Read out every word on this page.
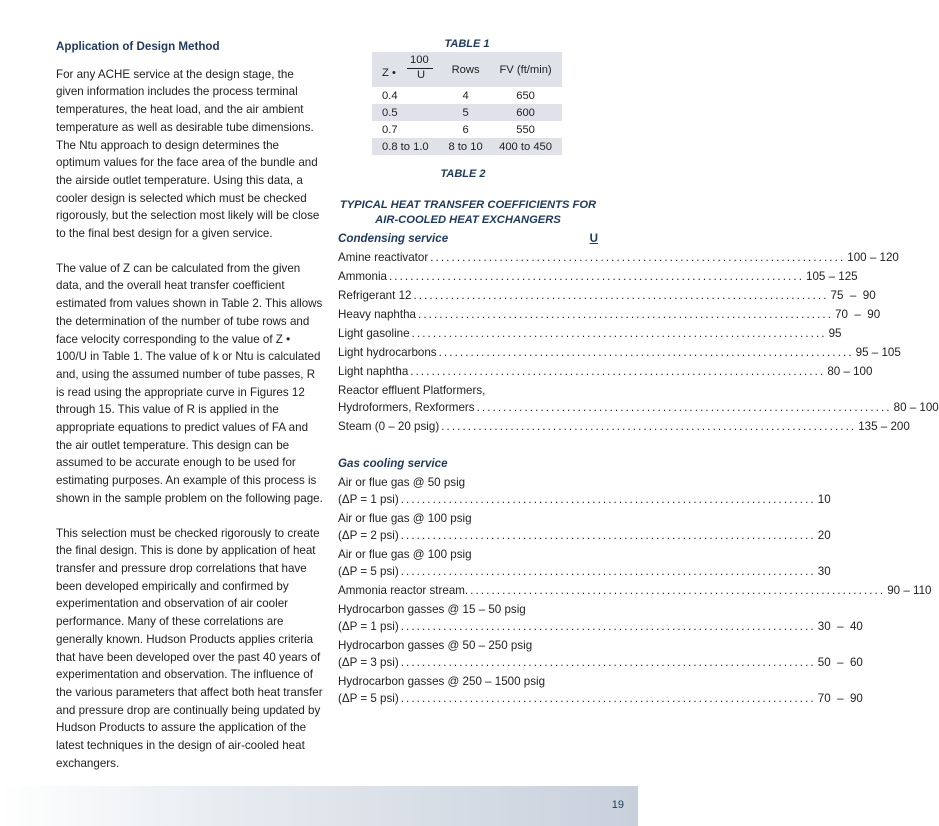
Application of Design Method

For any ACHE service at the design stage, the given information includes the process terminal temperatures, the heat load, and the air ambient temperature as well as desirable tube dimensions. The Ntu approach to design determines the optimum values for the face area of the bundle and the airside outlet temperature. Using this data, a cooler design is selected which must be checked rigorously, but the selection most likely will be close to the final best design for a given service.

The value of Z can be calculated from the given data, and the overall heat transfer coefficient estimated from values shown in Table 2. This allows the determination of the number of tube rows and face velocity corresponding to the value of Z • 100/U in Table 1. The value of k or Ntu is calculated and, using the assumed number of tube passes, R is read using the appropriate curve in Figures 12 through 15. This value of R is applied in the appropriate equations to predict values of FA and the air outlet temperature. This design can be assumed to be accurate enough to be used for estimating purposes. An example of this process is shown in the sample problem on the following page.

This selection must be checked rigorously to create the final design. This is done by application of heat transfer and pressure drop correlations that have been developed empirically and confirmed by experimentation and observation of air cooler performance. Many of these correlations are generally known. Hudson Products applies criteria that have been developed over the past 40 years of experimentation and observation. The influence of the various parameters that affect both heat transfer and pressure drop are continually being updated by Hudson Products to assure the application of the latest techniques in the design of air-cooled heat exchangers.

TABLE 1
Z •
100
U	Rows	FV (ft/min)
0.4	4	650
0.5	5	600
0.7	6	550
0.8 to 1.0	8 to 10	400 to 450
TABLE 2
TYPICAL HEAT TRANSFER COEFFICIENTS FOR AIR-COOLED HEAT EXCHANGERS
Condensing service	U
Amine reactivator .............................................................................. 100 – 120
Ammonia .............................................................................. 105 – 125
Refrigerant 12 .............................................................................. 75  –  90
Heavy naphtha .............................................................................. 70  –  90
Light gasoline .............................................................................. 95
Light hydrocarbons .............................................................................. 95 – 105
Light naphtha .............................................................................. 80 – 100
Reactor effluent Platformers,
Hydroformers, Rexformers .............................................................................. 80 – 100
Steam (0 – 20 psig) .............................................................................. 135 – 200
Gas cooling service
Air or flue gas @ 50 psig
(ΔP = 1 psi) .............................................................................. 10
Air or flue gas @ 100 psig
(ΔP = 2 psi) .............................................................................. 20
Air or flue gas @ 100 psig
(ΔP = 5 psi) .............................................................................. 30
Ammonia reactor stream. .............................................................................. 90 – 110
Hydrocarbon gasses @ 15 – 50 psig
(ΔP = 1 psi) .............................................................................. 30  –  40
Hydrocarbon gasses @ 50 – 250 psig
(ΔP = 3 psi) .............................................................................. 50  –  60
Hydrocarbon gasses @ 250 – 1500 psig
(ΔP = 5 psi) .............................................................................. 70  –  90
19
